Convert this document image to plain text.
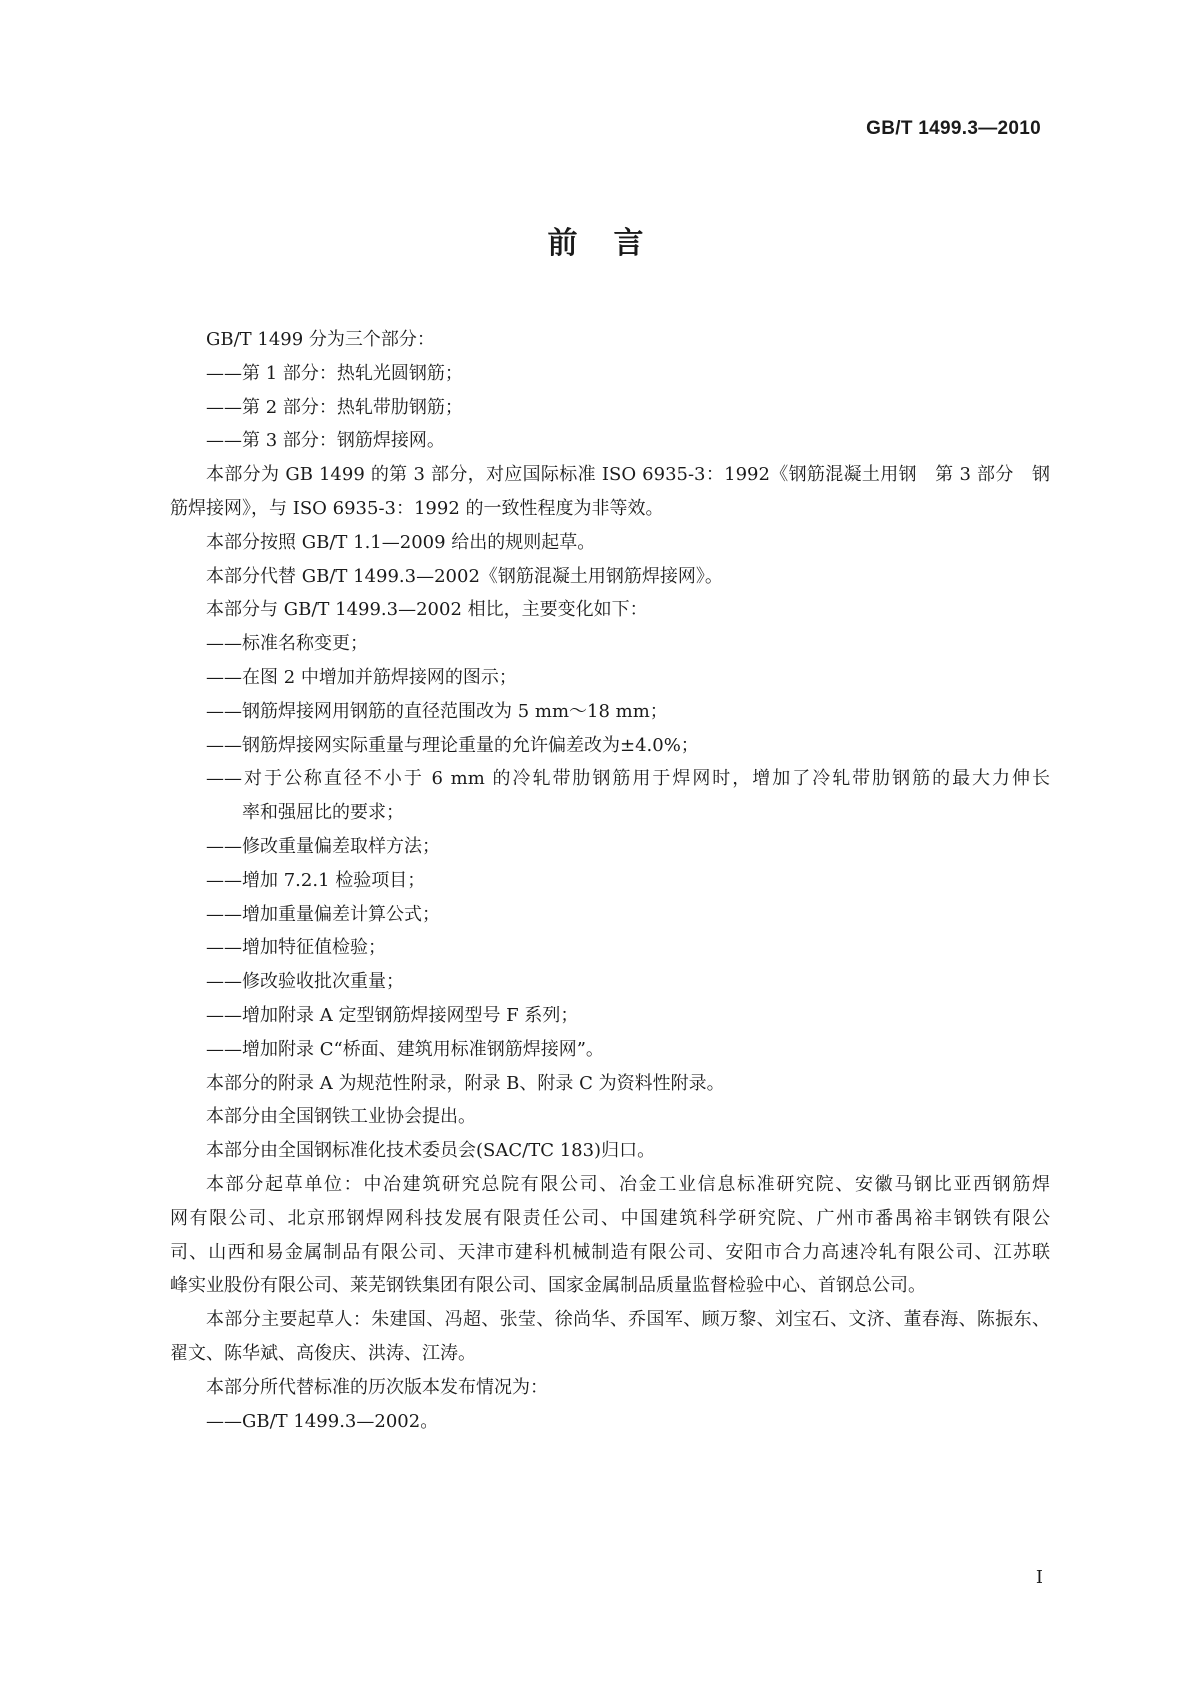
GB/T 1499.3—2010
前言
GB/T 1499 分为三个部分：
——第 1 部分：热轧光圆钢筋；
——第 2 部分：热轧带肋钢筋；
——第 3 部分：钢筋焊接网。
本部分为 GB 1499 的第 3 部分，对应国际标准 ISO 6935-3：1992《钢筋混凝土用钢　第 3 部分　钢
筋焊接网》，与 ISO 6935-3：1992 的一致性程度为非等效。
本部分按照 GB/T 1.1—2009 给出的规则起草。
本部分代替 GB/T 1499.3—2002《钢筋混凝土用钢筋焊接网》。
本部分与 GB/T 1499.3—2002 相比，主要变化如下：
——标准名称变更；
——在图 2 中增加并筋焊接网的图示；
——钢筋焊接网用钢筋的直径范围改为 5 mm～18 mm；
——钢筋焊接网实际重量与理论重量的允许偏差改为±4.0%；
——对于公称直径不小于 6 mm 的冷轧带肋钢筋用于焊网时，增加了冷轧带肋钢筋的最大力伸长
率和强屈比的要求；
——修改重量偏差取样方法；
——增加 7.2.1 检验项目；
——增加重量偏差计算公式；
——增加特征值检验；
——修改验收批次重量；
——增加附录 A 定型钢筋焊接网型号 F 系列；
——增加附录 C“桥面、建筑用标准钢筋焊接网”。
本部分的附录 A 为规范性附录，附录 B、附录 C 为资料性附录。
本部分由全国钢铁工业协会提出。
本部分由全国钢标准化技术委员会(SAC/TC 183)归口。
本部分起草单位：中冶建筑研究总院有限公司、冶金工业信息标准研究院、安徽马钢比亚西钢筋焊
网有限公司、北京邢钢焊网科技发展有限责任公司、中国建筑科学研究院、广州市番禺裕丰钢铁有限公
司、山西和易金属制品有限公司、天津市建科机械制造有限公司、安阳市合力高速冷轧有限公司、江苏联
峰实业股份有限公司、莱芜钢铁集团有限公司、国家金属制品质量监督检验中心、首钢总公司。
本部分主要起草人：朱建国、冯超、张莹、徐尚华、乔国军、顾万黎、刘宝石、文济、董春海、陈振东、
翟文、陈华斌、高俊庆、洪涛、江涛。
本部分所代替标准的历次版本发布情况为：
——GB/T 1499.3—2002。
I
